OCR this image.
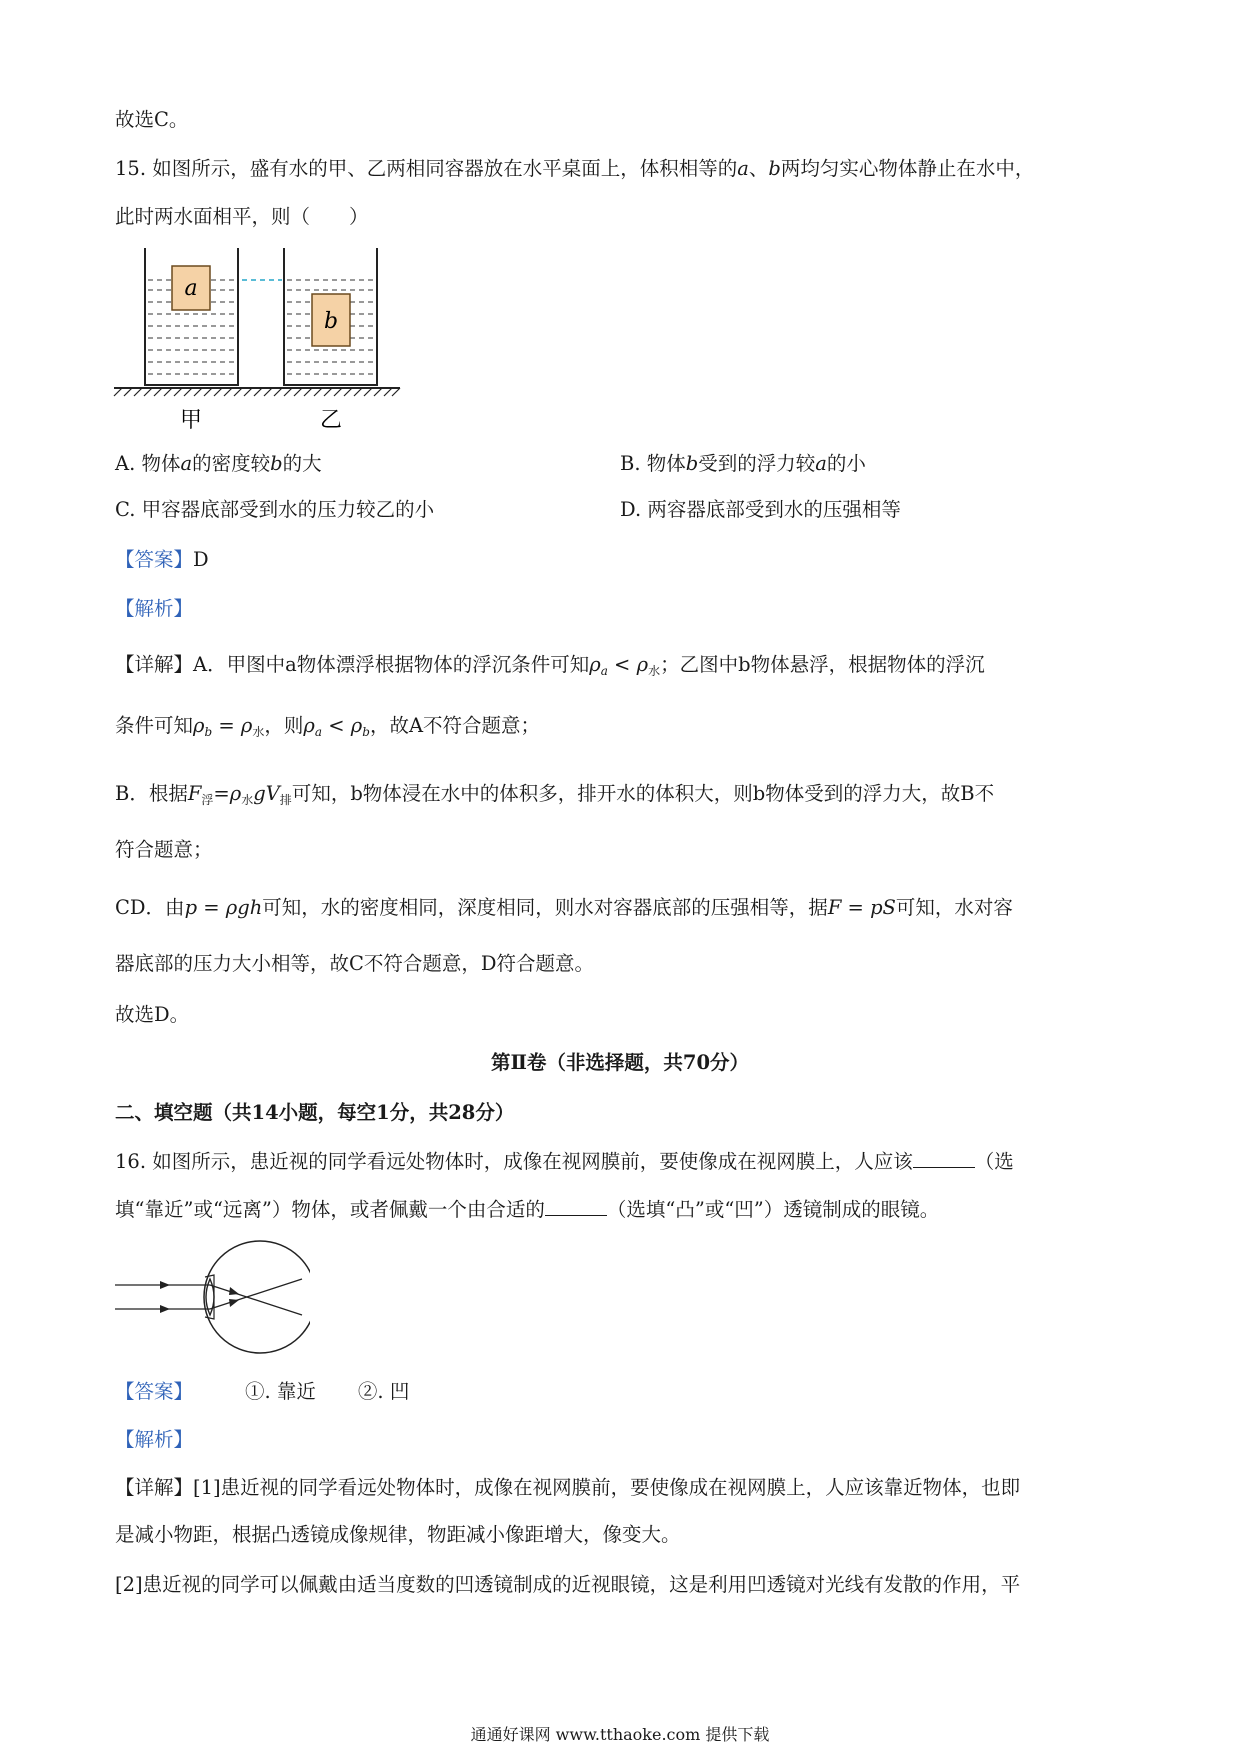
故选C。
15. 如图所示，盛有水的甲、乙两相同容器放在水平桌面上，体积相等的a、b两均匀实心物体静止在水中，
此时两水面相平，则（　　）
a
b
甲	乙
A. 物体a的密度较b的大	B. 物体b受到的浮力较a的小
C. 甲容器底部受到水的压力较乙的小	D. 两容器底部受到水的压强相等
【答案】D
【解析】
【详解】A．甲图中a物体漂浮根据物体的浮沉条件可知$\rho_a < \rho_水$；乙图中b物体悬浮，根据物体的浮沉
条件可知$\rho_b = \rho_水$，则$\rho_a < \rho_b$，故A不符合题意；
B．根据$F_浮=\rho_水gV_排$可知，b物体浸在水中的体积多，排开水的体积大，则b物体受到的浮力大，故B不
符合题意；
CD．由p = ρgh可知，水的密度相同，深度相同，则水对容器底部的压强相等，据F = pS可知，水对容
器底部的压力大小相等，故C不符合题意，D符合题意。
故选D。
第Ⅱ卷（非选择题，共70分）
二、填空题（共14小题，每空1分，共28分）
16. 如图所示，患近视的同学看远处物体时，成像在视网膜前，要使像成在视网膜上，人应该	（选
填“靠近”或“远离”）物体，或者佩戴一个由合适的	（选填“凸”或“凹”）透镜制成的眼镜。
【答案】	①. 靠近 ②. 凹
【解析】
【详解】[1]患近视的同学看远处物体时，成像在视网膜前，要使像成在视网膜上，人应该靠近物体，也即
是减小物距，根据凸透镜成像规律，物距减小像距增大，像变大。
[2]患近视的同学可以佩戴由适当度数的凹透镜制成的近视眼镜，这是利用凹透镜对光线有发散的作用，平
通通好课网 www.tthaoke.com 提供下载
